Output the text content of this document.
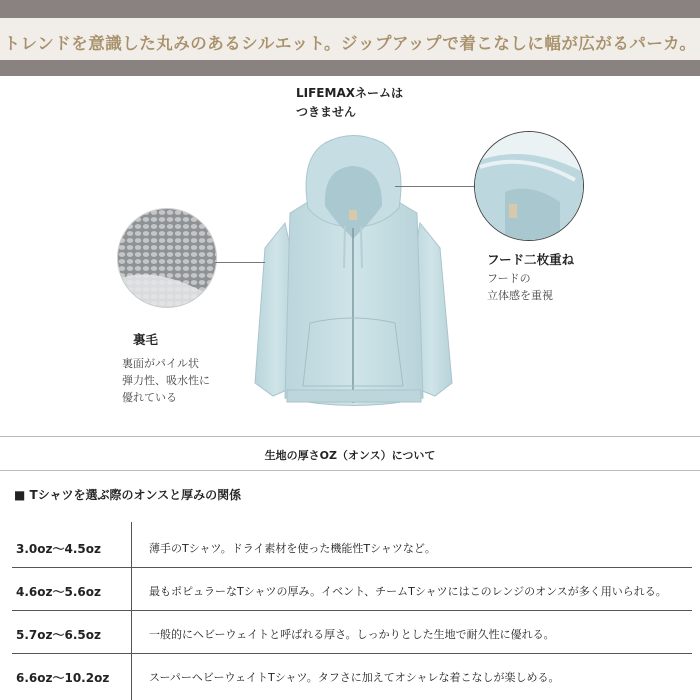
トレンドを意識した丸みのあるシルエット。ジップアップで着こなしに幅が広がるパーカ。
LIFEMAXネームは
つきません
裏毛
裏面がパイル状
弾力性、吸水性に
優れている
フード二枚重ね
フードの
立体感を重視
生地の厚さOZ（オンス）について
■ Tシャツを選ぶ際のオンスと厚みの関係
3.0oz〜4.5oz	薄手のTシャツ。ドライ素材を使った機能性Tシャツなど。
4.6oz〜5.6oz	最もポピュラーなTシャツの厚み。イベント、チームTシャツにはこのレンジのオンスが多く用いられる。
5.7oz〜6.5oz	一般的にヘビーウェイトと呼ばれる厚さ。しっかりとした生地で耐久性に優れる。
6.6oz〜10.2oz	スーパーヘビーウェイトTシャツ。タフさに加えてオシャレな着こなしが楽しめる。
